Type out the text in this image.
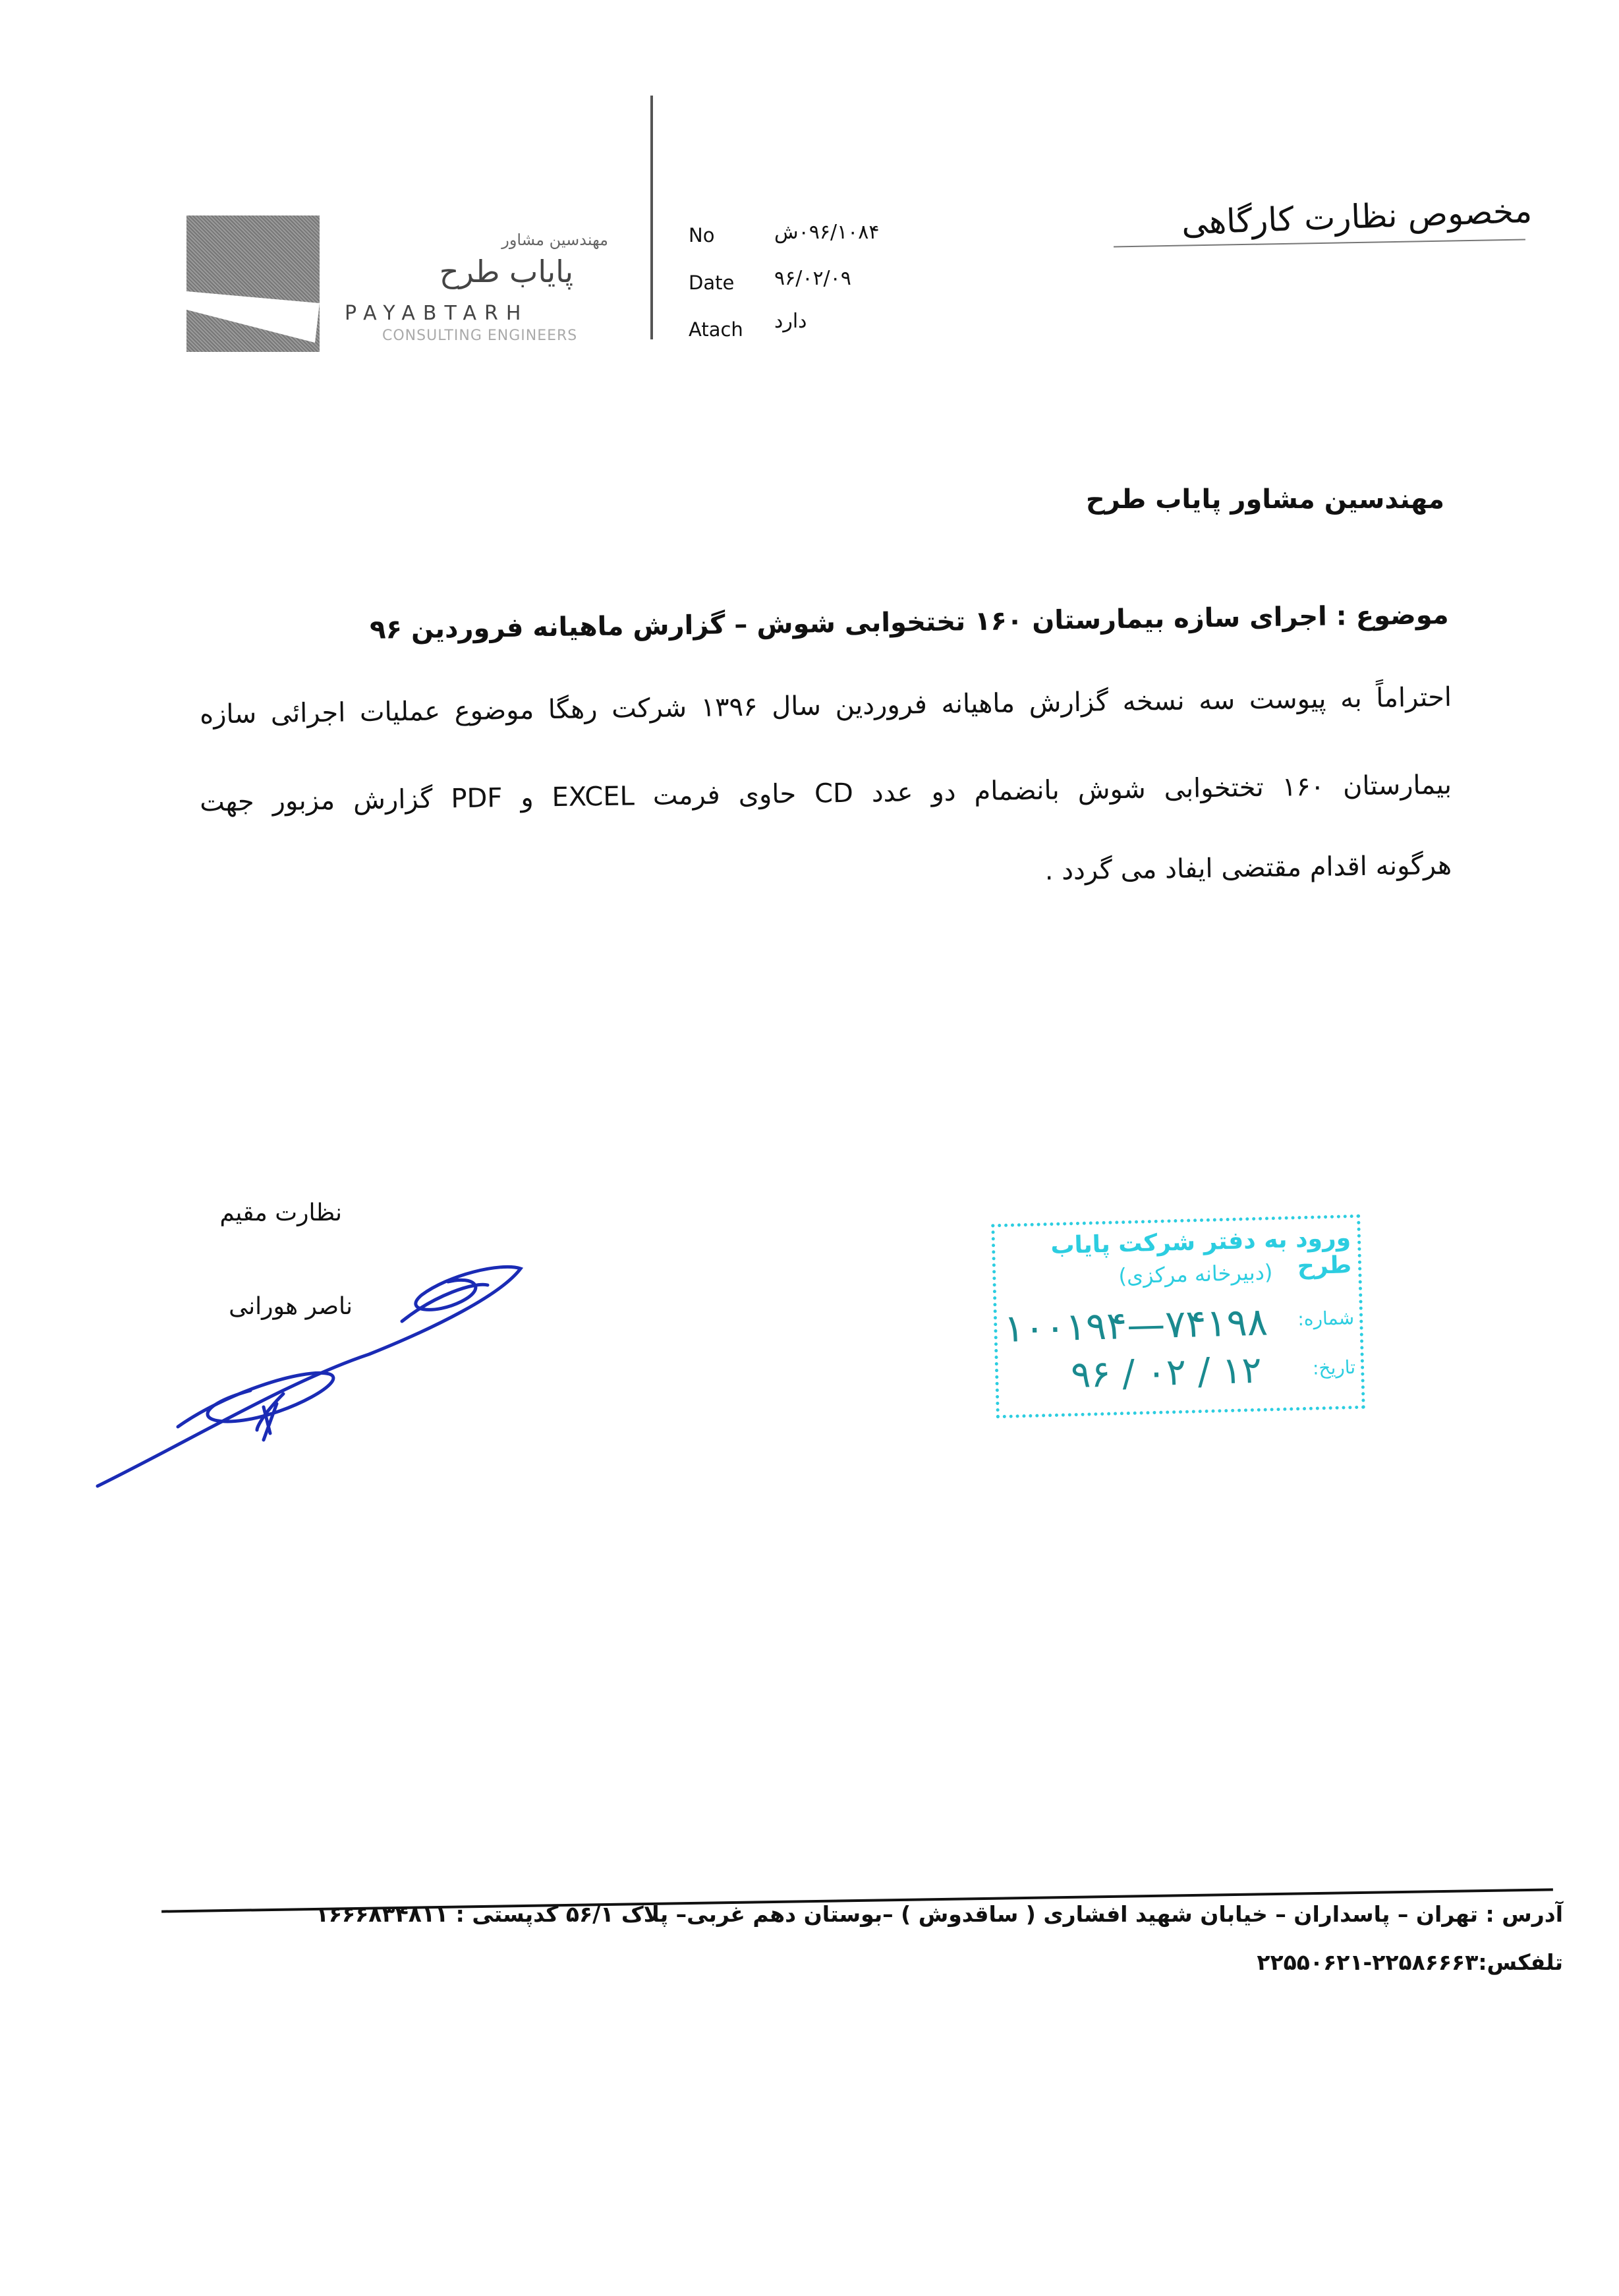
مخصوص نظارت کارگاهی
مهندسین مشاور
پایاب طرح
PAYABTARH
CONSULTING ENGINEERS
No	۰۹۶/۱۰۸۴ش
Date ۹۶/۰۲/۰۹
Atach دارد
مهندسین مشاور پایاب طرح
موضوع : اجرای سازه بیمارستان ۱۶۰ تختخوابی شوش – گزارش ماهیانه فروردین ۹۶
احتراماً به پیوست سه نسخه گزارش ماهیانه فروردین سال ۱۳۹۶ شرکت رهگا موضوع عملیات اجرائی سازه
بیمارستان ۱۶۰ تختخوابی شوش بانضمام دو عدد CD حاوی فرمت EXCEL و PDF گزارش مزبور جهت
هرگونه اقدام مقتضی ایفاد می گردد .
نظارت مقیم
ناصر هورانی
ورود به دفتر شرکت پایاب طرح
(دبیرخانه مرکزی)
شماره:
تاریخ:
۱۰۰۱۹۴—۷۴۱۹۸
۹۶ / ۰۲ / ۱۲
آدرس : تهران – پاسداران – خیابان شهید افشاری ( ساقدوش ) –بوستان دهم غربی– پلاک ۵۶/۱ کدپستی : ۱۶۶۶۸۳۴۸۱۱
تلفکس:۲۲۵۸۶۶۶۳-۲۲۵۵۰۶۲۱
